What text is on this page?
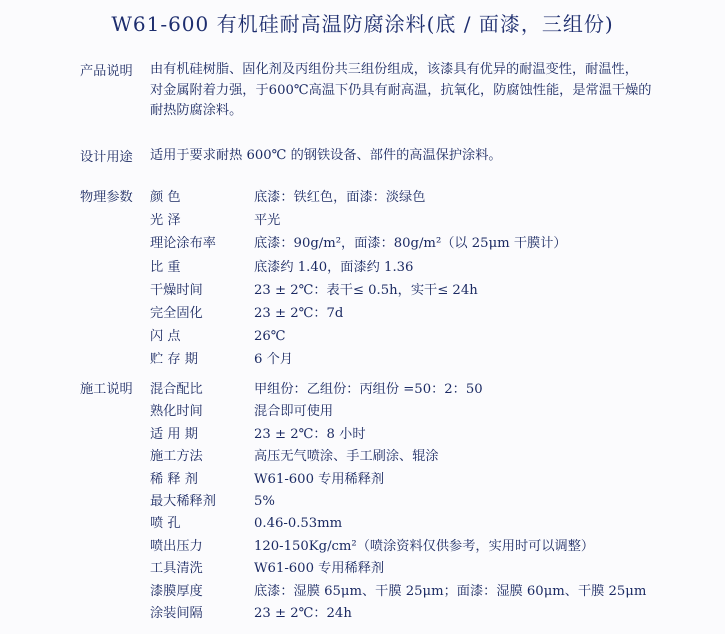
W61-600 有机硅耐高温防腐涂料(底 / 面漆，三组份)
产品说明 由有机硅树脂、固化剂及丙组份共三组份组成，该漆具有优异的耐温变性，耐温性，
对金属附着力强，于600℃高温下仍具有耐高温，抗氧化，防腐蚀性能，是常温干燥的
耐热防腐涂料。
设计用途 适用于要求耐热 600℃ 的钢铁设备、部件的高温保护涂料。
物理参数 颜 色	底漆：铁红色，面漆：淡绿色
光 泽	平光
理论涂布率	底漆：90g/m²，面漆：80g/m²（以 25μm 干膜计）
比 重	底漆约 1.40，面漆约 1.36
干燥时间	23 ± 2℃：表干≤ 0.5h，实干≤ 24h
完全固化	23 ± 2℃：7d
闪 点	26℃
贮 存 期	6 个月
施工说明 混合配比	甲组份：乙组份：丙组份 =50：2：50
熟化时间	混合即可使用
适 用 期	23 ± 2℃：8 小时
施工方法	高压无气喷涂、手工刷涂、辊涂
稀 释 剂	W61-600 专用稀释剂
最大稀释剂	5%
喷 孔	0.46-0.53mm
喷出压力	120-150Kg/cm²（喷涂资料仅供参考，实用时可以调整）
工具清洗	W61-600 专用稀释剂
漆膜厚度	底漆：湿膜 65μm、干膜 25μm；面漆：湿膜 60μm、干膜 25μm
涂装间隔	23 ± 2℃：24h
